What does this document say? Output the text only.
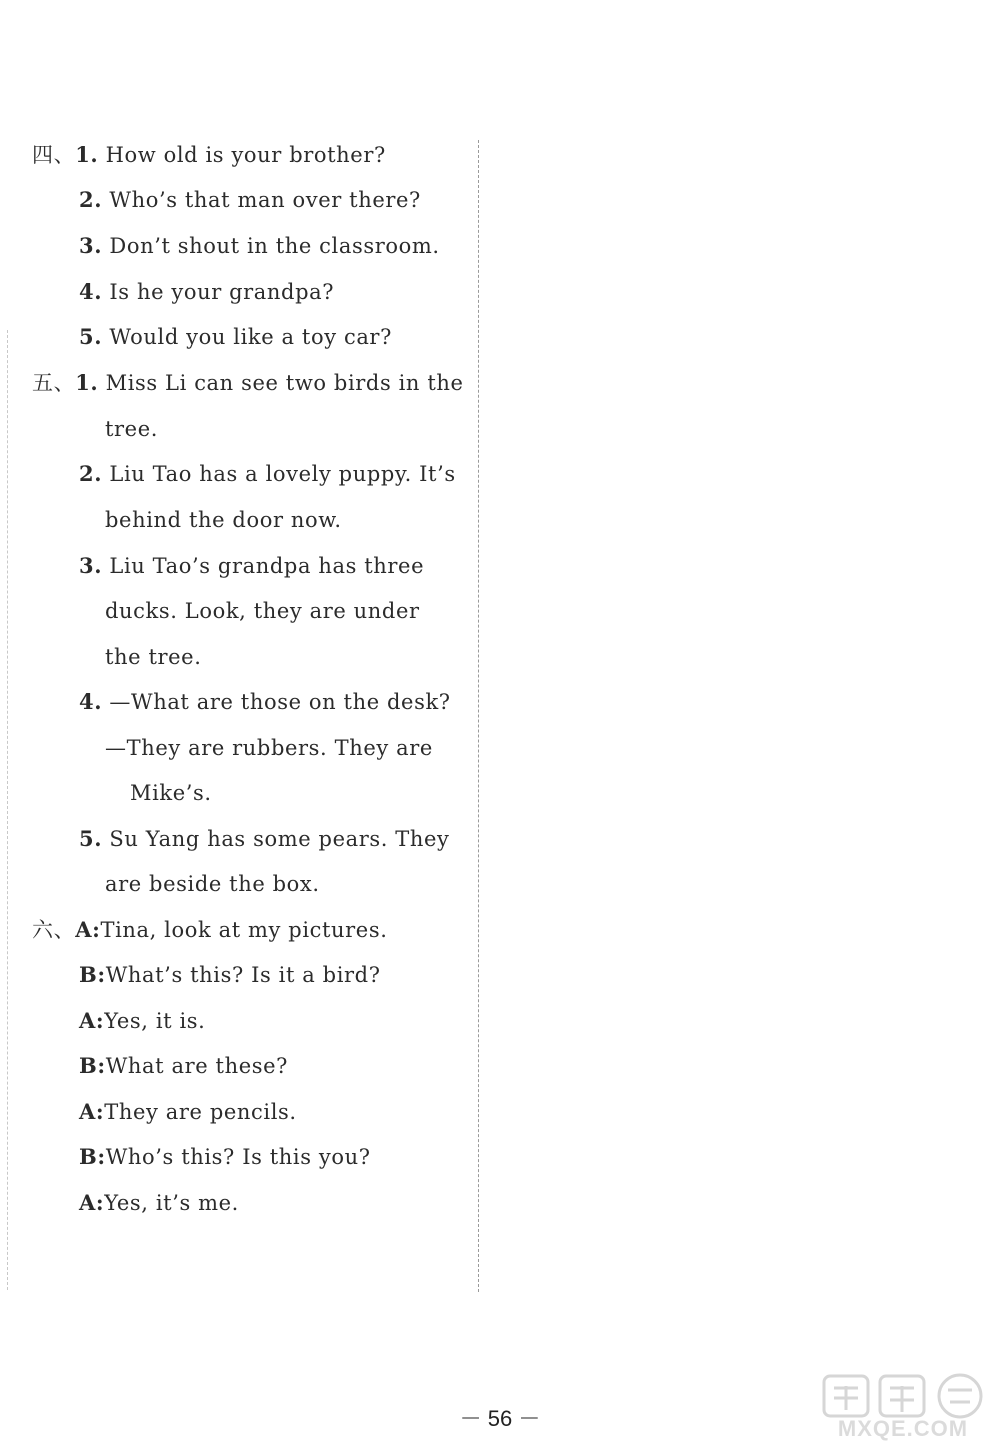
四、1. How old is your brother?
2. Who’s that man over there?
3. Don’t shout in the classroom.
4. Is he your grandpa?
5. Would you like a toy car?
五、1. Miss Li can see two birds in the
tree.
2. Liu Tao has a lovely puppy. It’s
behind the door now.
3. Liu Tao’s grandpa has three
ducks. Look, they are under
the tree.
4. —What are those on the desk?
—They are rubbers. They are
Mike’s.
5. Su Yang has some pears. They
are beside the box.
六、A:Tina, look at my pictures.
B:What’s this? Is it a bird?
A:Yes, it is.
B:What are these?
A:They are pencils.
B:Who’s this? Is this you?
A:Yes, it’s me.
－ 56 －	MXQE.COM
